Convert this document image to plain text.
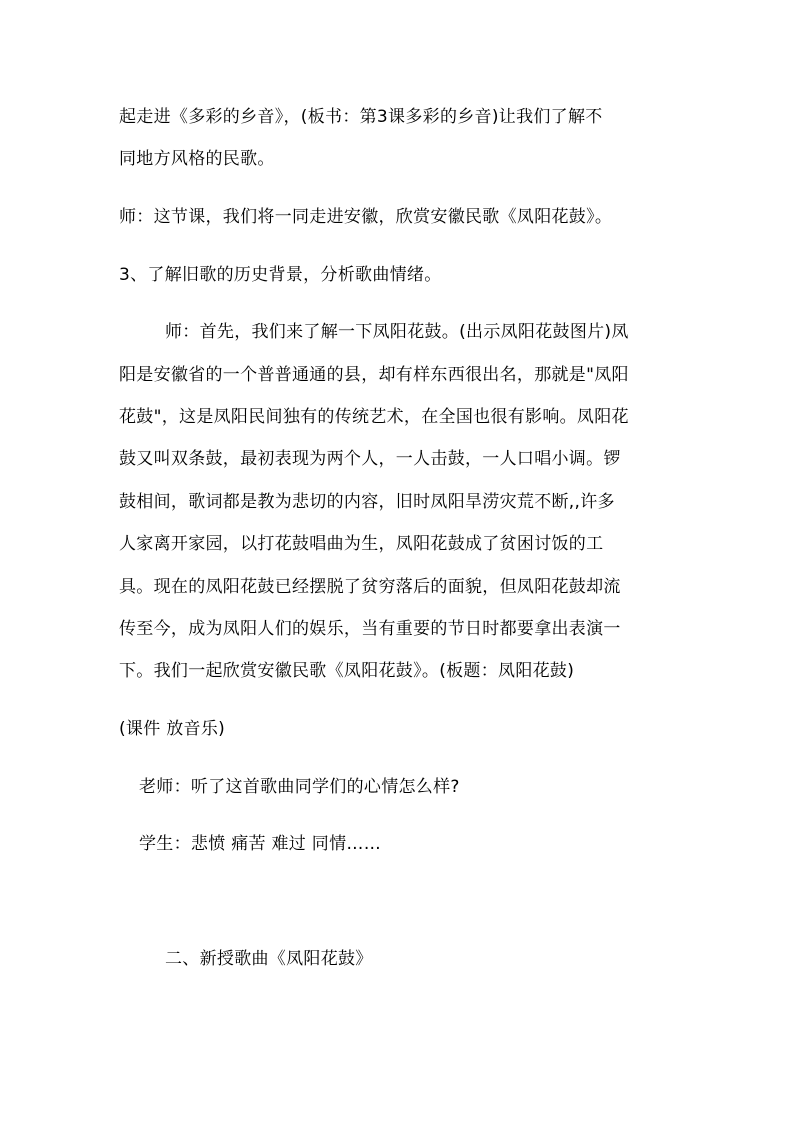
起走进《多彩的乡音》，(板书：第3课多彩的乡音)让我们了解不
同地方风格的民歌。
师：这节课，我们将一同走进安徽，欣赏安徽民歌《凤阳花鼓》。
3、了解旧歌的历史背景，分析歌曲情绪。
师：首先，我们来了解一下凤阳花鼓。(出示凤阳花鼓图片)凤
阳是安徽省的一个普普通通的县，却有样东西很出名，那就是"凤阳
花鼓"，这是凤阳民间独有的传统艺术，在全国也很有影响。凤阳花
鼓又叫双条鼓，最初表现为两个人，一人击鼓，一人口唱小调。锣
鼓相间，歌词都是教为悲切的内容，旧时凤阳旱涝灾荒不断,,许多
人家离开家园，以打花鼓唱曲为生，凤阳花鼓成了贫困讨饭的工
具。现在的凤阳花鼓已经摆脱了贫穷落后的面貌，但凤阳花鼓却流
传至今，成为凤阳人们的娱乐，当有重要的节日时都要拿出表演一
下。我们一起欣赏安徽民歌《凤阳花鼓》。(板题：凤阳花鼓)
(课件 放音乐)
老师：听了这首歌曲同学们的心情怎么样?
学生：悲愤 痛苦 难过 同情……
二、新授歌曲《凤阳花鼓》
